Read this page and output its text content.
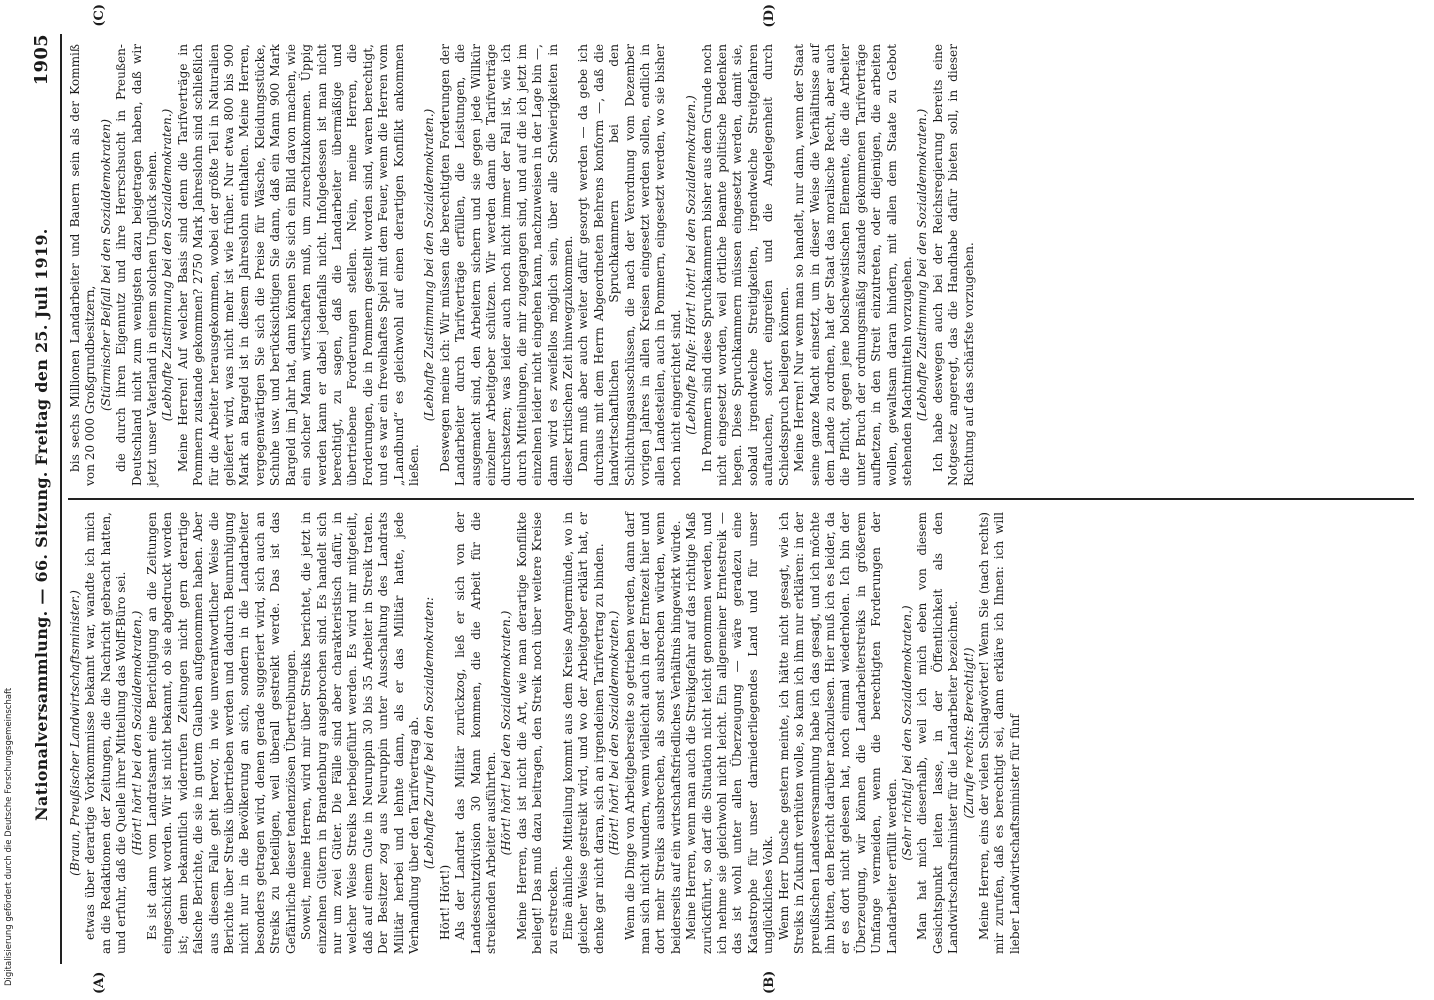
Nationalversammlung. — 66. Sitzung. Freitag den 25. Juli 1919.
1905

(Braun, Preußischer Landwirtschaftsminister.) etwas über derartige Vorkommnisse bekannt war, wandte ich mich an die Redaktionen der Zeitungen, die die Nachricht gebracht hatten, und erfuhr, daß die Quelle ihrer Mitteilung das Wolff-Büro sei. (Hört! hört! bei den Sozialdemokraten.) Es ist dann vom Landratsamt eine Berichtigung an die Zeitungen eingeschickt worden. Wir ist nicht bekannt, ob sie abgedruckt worden ist; denn bekanntlich widerrufen Zeitungen nicht gern derartige falsche Berichte, die sie in gutem Glauben aufgenommen haben. Aber aus diesem Falle geht hervor, in wie unverantwortlicher Weise die Berichte über Streiks übertrieben werden und dadurch Beunruhigung nicht nur in die Bevölkerung an sich, sondern in die Landarbeiter besonders getragen wird, denen gerade suggeriert wird, sich auch an Streiks zu beteiligen, weil überall gestreikt werde. Das ist das Gefährliche dieser tendenziösen Übertreibungen. Soweit, meine Herren, wird mir über Streiks berichtet, die jetzt in einzelnen Gütern in Brandenburg ausgebrochen sind. Es handelt sich nur um zwei Güter. Die Fälle sind aber charakteristisch dafür, in welcher Weise Streiks herbeigeführt werden. Es wird mir mitgeteilt, daß auf einem Gute in Neuruppin 30 bis 35 Arbeiter in Streik traten. Der Besitzer zog aus Neuruppin unter Ausschaltung des Landrats Militär herbei und lehnte dann, als er das Militär hatte, jede Verhandlung über den Tarifvertrag ab. (Lebhafte Zurufe bei den Sozialdemokraten:

Hört! Hört!) Als der Landrat das Militär zurückzog, ließ er sich von der Landesschutzdivision 30 Mann kommen, die die Arbeit für die streikenden Arbeiter ausführten. (Hört! hört! bei den Sozialdemokraten.) Meine Herren, das ist nicht die Art, wie man derartige Konflikte beilegt! Das muß dazu beitragen, den Streik noch über weitere Kreise zu erstrecken. Eine ähnliche Mitteilung kommt aus dem Kreise Angermünde, wo in gleicher Weise gestreikt wird, und wo der Arbeitgeber erklärt hat, er denke gar nicht daran, sich an irgendeinen Tarifvertrag zu binden. (Hört! hört! bei den Sozialdemokraten.) Wenn die Dinge von Arbeitgeberseite so getrieben werden, dann darf man sich nicht wundern, wenn vielleicht auch in der Erntezeit hier und dort mehr Streiks ausbrechen, als sonst ausbrechen würden, wenn beiderseits auf ein wirtschaftsfriedliches Verhältnis hingewirkt würde. Meine Herren, wenn man auch die Streikgefahr auf das richtige Maß zurückführt, so darf die Situation nicht leicht genommen werden, und ich nehme sie gleichwohl nicht leicht. Ein allgemeiner Erntestreik — das ist wohl unter allen Überzeugung — wäre geradezu eine Katastrophe für unser darniederliegendes Land und für unser unglückliches Volk. Wenn Herr Dusche gestern meinte, ich hätte nicht gesagt, wie ich Streiks in Zukunft verhüten wolle, so kann ich ihm nur erklären: in der preußischen Landesversammlung habe ich das gesagt, und ich möchte ihn bitten, den Bericht darüber nachzulesen. Hier muß ich es leider, da er es dort nicht gelesen hat, noch einmal wiederholen. Ich bin der Überzeugung, wir können die Landarbeiterstreiks in größerem Umfange vermeiden, wenn die berechtigten Forderungen der Landarbeiter erfüllt werden.

(Sehr richtig! bei den Sozialdemokraten.) Man hat mich dieserhalb, weil ich mich eben von diesem Gesichtspunkt leiten lasse, in der Öffentlichkeit als den Landwirtschaftsminister für die Landarbeiter bezeichnet. (Zurufe rechts: Berechtigt!) Meine Herren, eins der vielen Schlagwörter! Wenn Sie (nach rechts) mir zurufen, daß es berechtigt sei, dann erkläre ich Ihnen: ich will lieber Landwirtschaftsminister für fünf

bis sechs Millionen Landarbeiter und Bauern sein als der Kommiß von 20 000 Großgrundbesitzern, (Stürmischer Beifall bei den Sozialdemokraten) die durch ihren Eigennutz und ihre Herrschsucht in Preußen-Deutschland nicht zum wenigsten dazu beigetragen haben, daß wir jetzt unser Vaterland in einem solchen Unglück sehen. (Lebhafte Zustimmung bei den Sozialdemokraten.) Meine Herren! Auf welcher Basis sind denn die Tarifverträge in Pommern zustande gekommen? 2750 Mark Jahreslohn sind schließlich für die Arbeiter herausgekommen, wobei der größte Teil in Naturalien geliefert wird, was nicht mehr ist wie früher. Nur etwa 800 bis 900 Mark an Bargeld ist in diesem Jahreslohn enthalten. Meine Herren, vergegenwärtigen Sie sich die Preise für Wäsche, Kleidungsstücke, Schuhe usw. und berücksichtigen Sie dann, daß ein Mann 900 Mark Bargeld im Jahr hat, dann können Sie sich ein Bild davon machen, wie ein solcher Mann wirtschaften muß, um zurechtzukommen. Üppig werden kann er dabei jedenfalls nicht. Infolgedessen ist man nicht berechtigt, zu sagen, daß die Landarbeiter übermäßige und übertriebene Forderungen stellen. Nein, meine Herren, die Forderungen, die in Pommern gestellt worden sind, waren berechtigt, und es war ein frevelhaftes Spiel mit dem Feuer, wenn die Herren vom „Landbund“ es gleichwohl auf einen derartigen Konflikt ankommen ließen.

(Lebhafte Zustimmung bei den Sozialdemokraten.) Deswegen meine ich: Wir müssen die berechtigten Forderungen der Landarbeiter durch Tarifverträge erfüllen, die Leistungen, die ausgemacht sind, den Arbeitern sichern und sie gegen jede Willkür einzelner Arbeitgeber schützen. Wir werden dann die Tarifverträge durchsetzen; was leider auch noch nicht immer der Fall ist, wie ich durch Mitteilungen, die mir zugegangen sind, und auf die ich jetzt im einzelnen leider nicht eingehen kann, nachzuweisen in der Lage bin —, dann wird es zweifellos möglich sein, über alle Schwierigkeiten in dieser kritischen Zeit hinwegzukommen. Dann muß aber auch weiter dafür gesorgt werden — da gebe ich durchaus mit dem Herrn Abgeordneten Behrens konform —, daß die landwirtschaftlichen Spruchkammern bei den Schlichtungsausschüssen, die nach der Verordnung vom Dezember vorigen Jahres in allen Kreisen eingesetzt werden sollen, endlich in allen Landesteilen, auch in Pommern, eingesetzt werden, wo sie bisher noch nicht eingerichtet sind. (Lebhafte Rufe: Hört! hört! bei den Sozialdemokraten.) In Pommern sind diese Spruchkammern bisher aus dem Grunde noch nicht eingesetzt worden, weil örtliche Beamte politische Bedenken hegen. Diese Spruchkammern müssen eingesetzt werden, damit sie, sobald irgendwelche Streitigkeiten, irgendwelche Streitgefahren auftauchen, sofort eingreifen und die Angelegenheit durch Schiedsspruch beilegen können. Meine Herren! Nur wenn man so handelt, nur dann, wenn der Staat seine ganze Macht einsetzt, um in dieser Weise die Verhältnisse auf dem Lande zu ordnen, hat der Staat das moralische Recht, aber auch die Pflicht, gegen jene bolschewistischen Elemente, die die Arbeiter unter Bruch der ordnungsmäßig zustande gekommenen Tarifverträge aufhetzen, in den Streit einzutreten, oder diejenigen, die arbeiten wollen, gewaltsam daran hindern, mit allen dem Staate zu Gebot stehenden Machtmitteln vorzugehen. (Lebhafte Zustimmung bei den Sozialdemokraten.) Ich habe deswegen auch bei der Reichsregierung bereits eine Notgesetz angeregt, das die Handhabe dafür bieten soll, in dieser Richtung auf das schärfste vorzugehen.

(A)	(B)
(C)	(D)
Digitalisierung gefördert durch die Deutsche Forschungsgemeinschaft
